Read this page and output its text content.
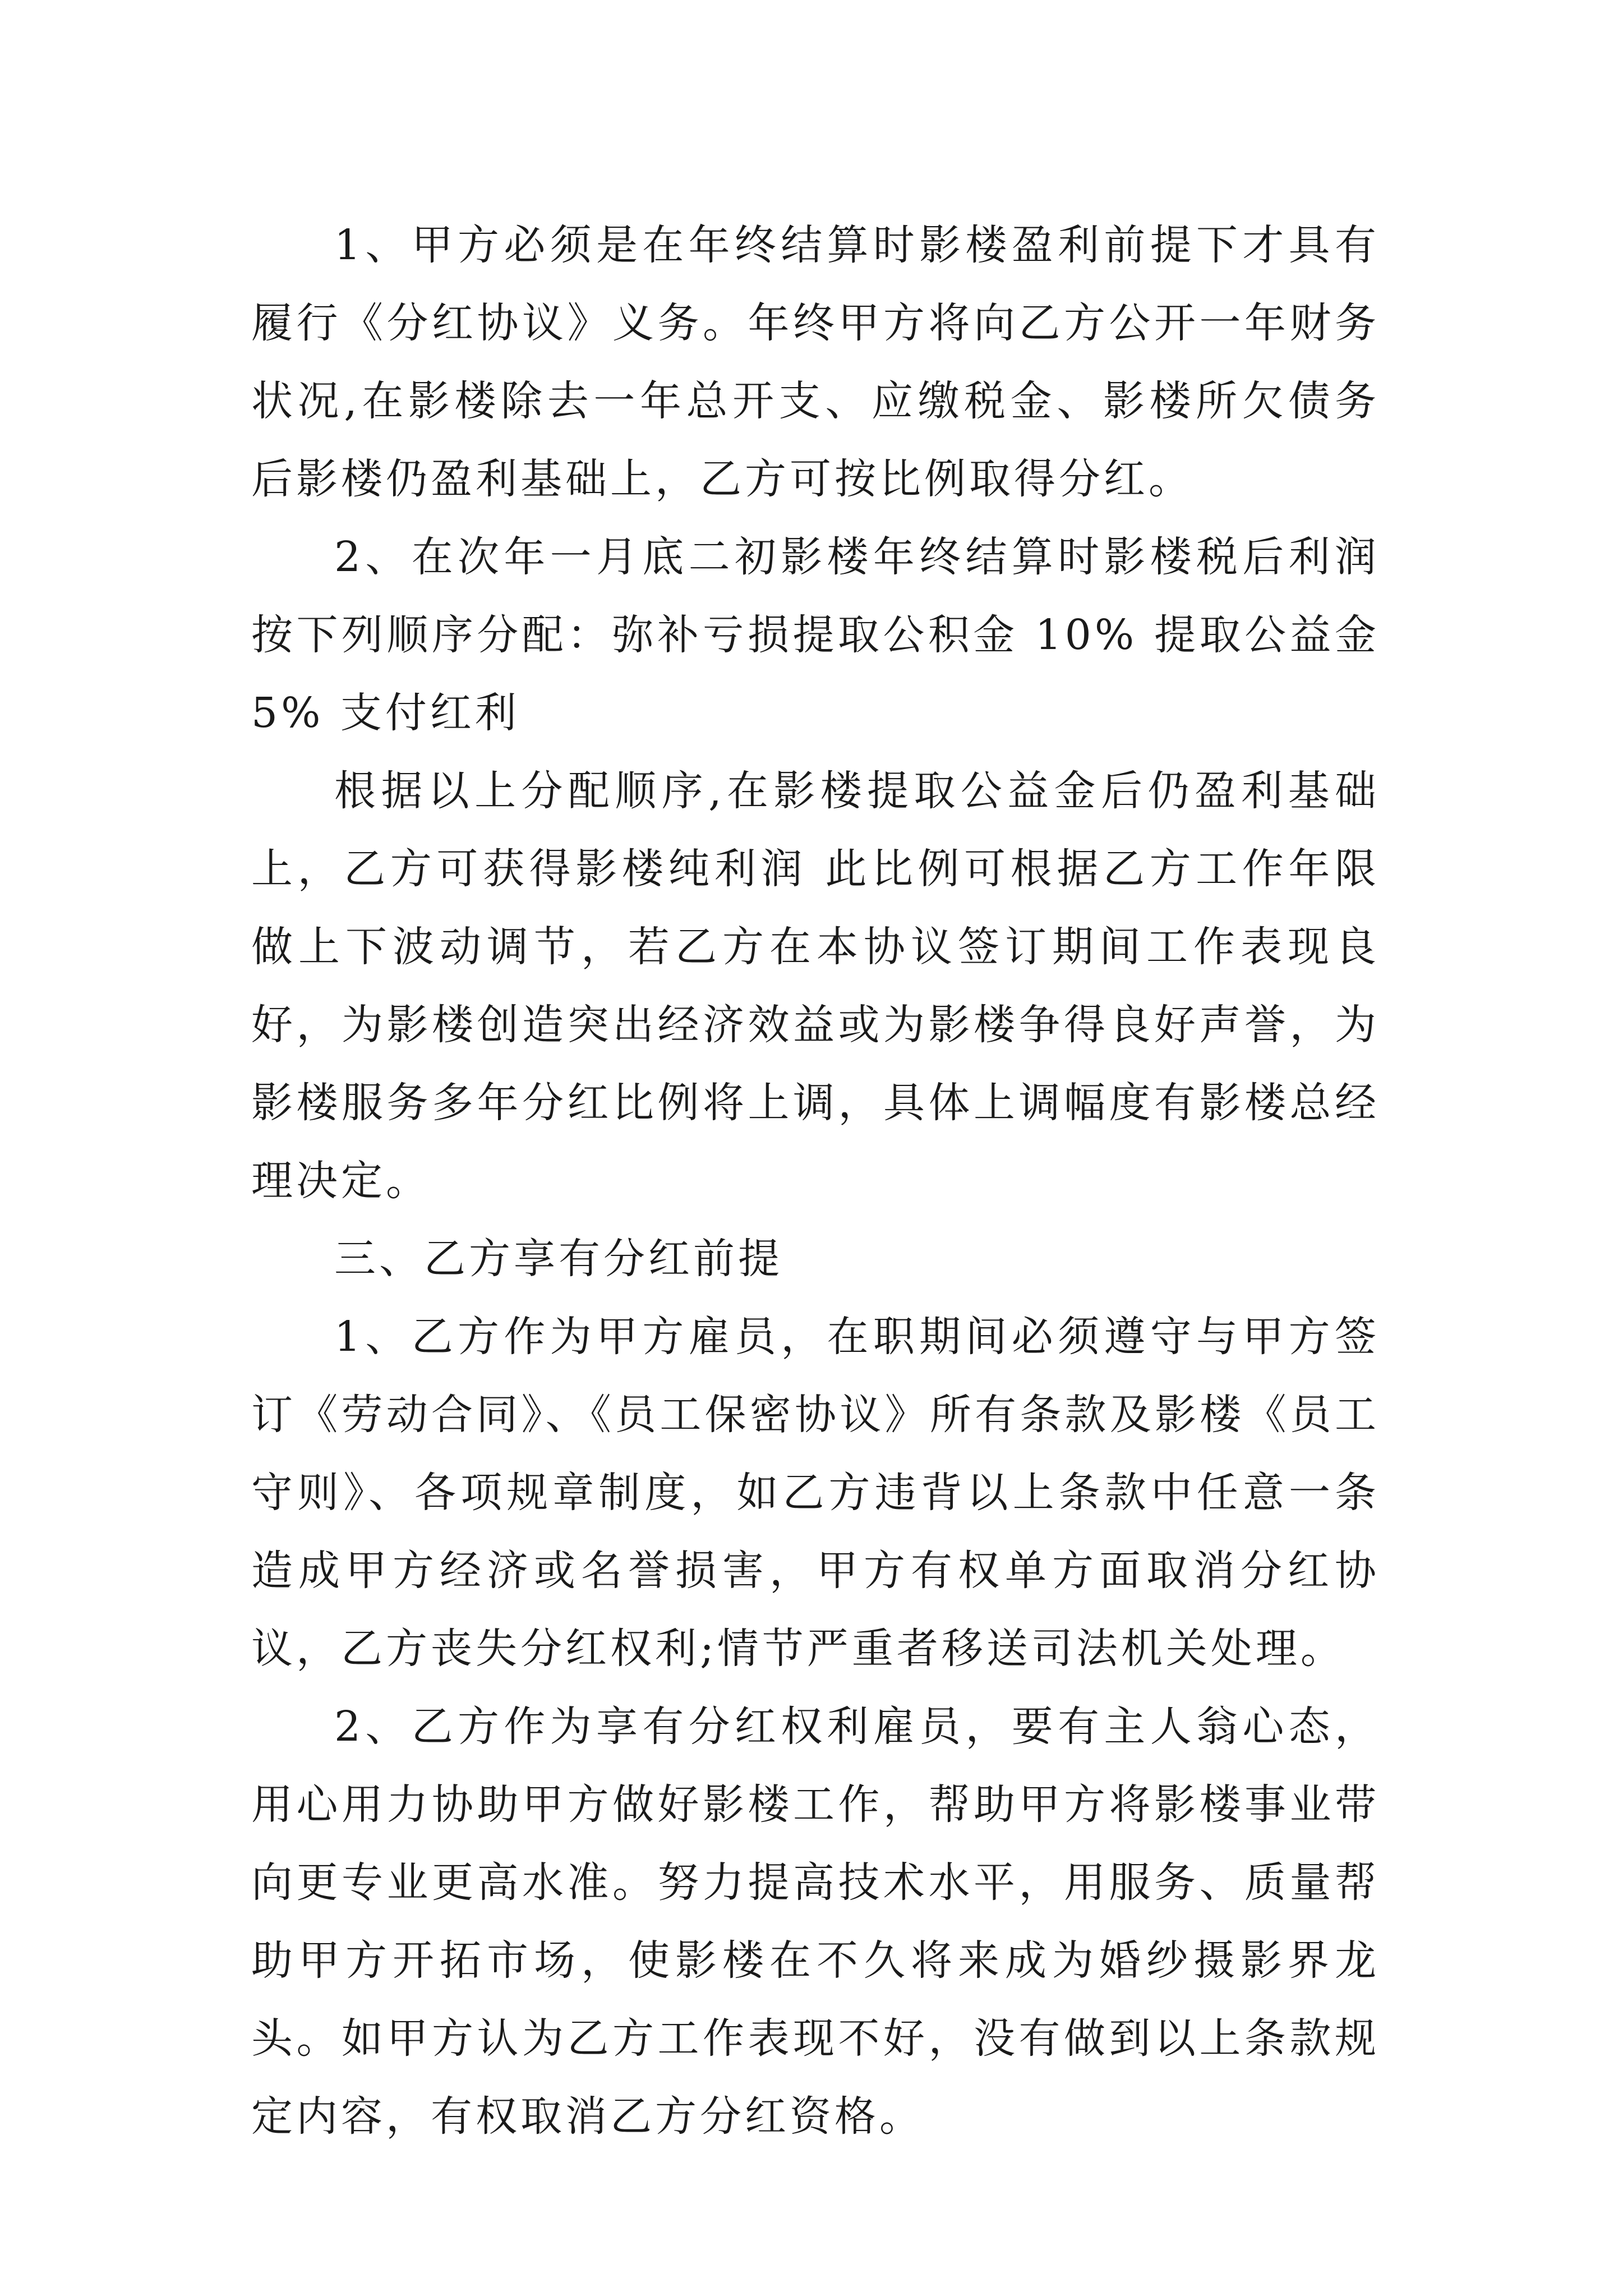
1、甲方必须是在年终结算时影楼盈利前提下才具有履行《分红协议》义务。年终甲方将向乙方公开一年财务状况,在影楼除去一年总开支、应缴税金、影楼所欠债务后影楼仍盈利基础上，乙方可按比例取得分红。

2、在次年一月底二初影楼年终结算时影楼税后利润按下列顺序分配：弥补亏损提取公积金 10% 提取公益金 5% 支付红利

根据以上分配顺序,在影楼提取公益金后仍盈利基础上，乙方可获得影楼纯利润 此比例可根据乙方工作年限做上下波动调节，若乙方在本协议签订期间工作表现良好，为影楼创造突出经济效益或为影楼争得良好声誉，为影楼服务多年分红比例将上调，具体上调幅度有影楼总经理决定。

三、乙方享有分红前提

1、乙方作为甲方雇员，在职期间必须遵守与甲方签订《劳动合同》、《员工保密协议》所有条款及影楼《员工守则》、各项规章制度，如乙方违背以上条款中任意一条造成甲方经济或名誉损害，甲方有权单方面取消分红协议，乙方丧失分红权利;情节严重者移送司法机关处理。

2、乙方作为享有分红权利雇员，要有主人翁心态，用心用力协助甲方做好影楼工作，帮助甲方将影楼事业带向更专业更高水准。努力提高技术水平，用服务、质量帮助甲方开拓市场，使影楼在不久将来成为婚纱摄影界龙头。如甲方认为乙方工作表现不好，没有做到以上条款规定内容，有权取消乙方分红资格。
